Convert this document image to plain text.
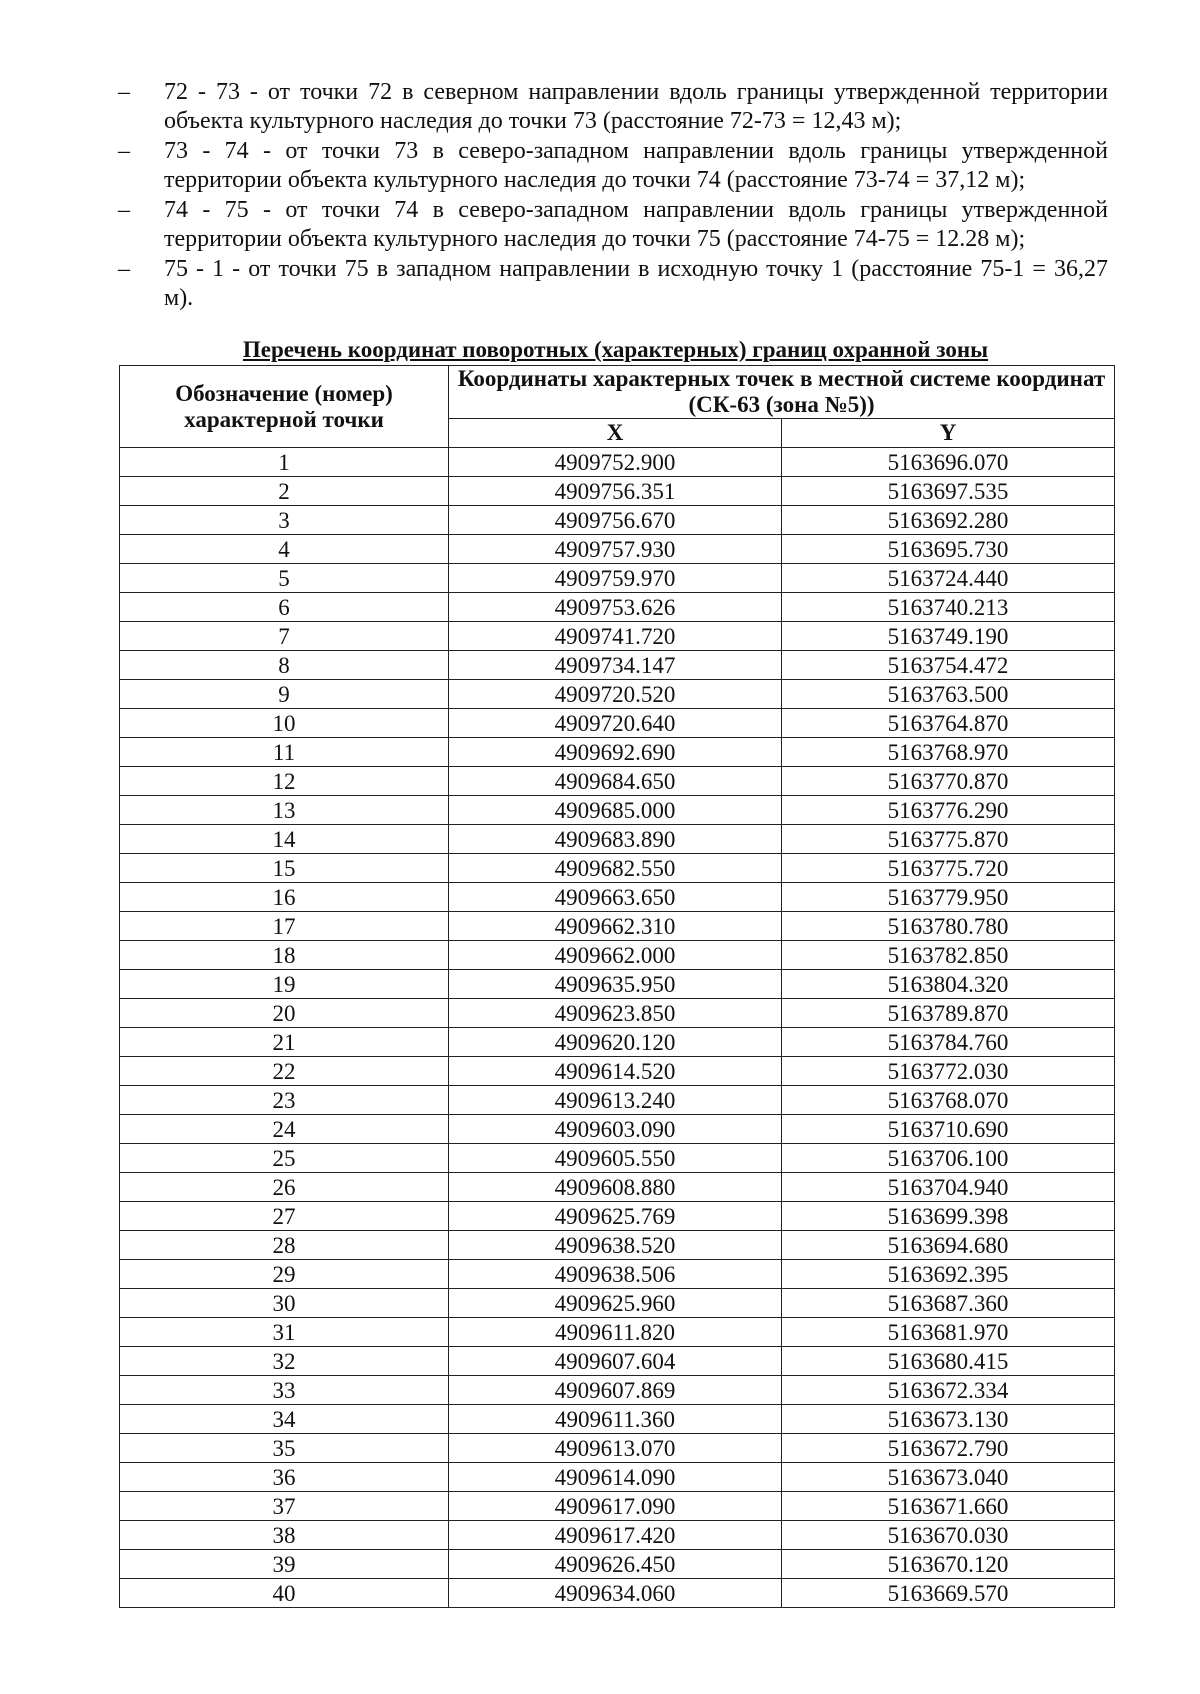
–	72 - 73 - от точки 72 в северном направлении вдоль границы утвержденной территории объекта культурного наследия до точки 73 (расстояние 72-73 = 12,43 м);
–	73 - 74 - от точки 73 в северо-западном направлении вдоль границы утвержденной территории объекта культурного наследия до точки 74 (расстояние 73-74 = 37,12 м);
–	74 - 75 - от точки 74 в северо-западном направлении вдоль границы утвержденной территории объекта культурного наследия до точки 75 (расстояние 74-75 = 12.28 м);
–	75 - 1 - от точки 75 в западном направлении в исходную точку 1 (расстояние 75-1 = 36,27 м).
Перечень координат поворотных (характерных) границ охранной зоны
Обозначение (номер) характерной точки	Координаты характерных точек в местной системе координат (СК-63 (зона №5))	
	X	Y
1	4909752.900	5163696.070
2	4909756.351	5163697.535
3	4909756.670	5163692.280
4	4909757.930	5163695.730
5	4909759.970	5163724.440
6	4909753.626	5163740.213
7	4909741.720	5163749.190
8	4909734.147	5163754.472
9	4909720.520	5163763.500
10	4909720.640	5163764.870
11	4909692.690	5163768.970
12	4909684.650	5163770.870
13	4909685.000	5163776.290
14	4909683.890	5163775.870
15	4909682.550	5163775.720
16	4909663.650	5163779.950
17	4909662.310	5163780.780
18	4909662.000	5163782.850
19	4909635.950	5163804.320
20	4909623.850	5163789.870
21	4909620.120	5163784.760
22	4909614.520	5163772.030
23	4909613.240	5163768.070
24	4909603.090	5163710.690
25	4909605.550	5163706.100
26	4909608.880	5163704.940
27	4909625.769	5163699.398
28	4909638.520	5163694.680
29	4909638.506	5163692.395
30	4909625.960	5163687.360
31	4909611.820	5163681.970
32	4909607.604	5163680.415
33	4909607.869	5163672.334
34	4909611.360	5163673.130
35	4909613.070	5163672.790
36	4909614.090	5163673.040
37	4909617.090	5163671.660
38	4909617.420	5163670.030
39	4909626.450	5163670.120
40	4909634.060	5163669.570
